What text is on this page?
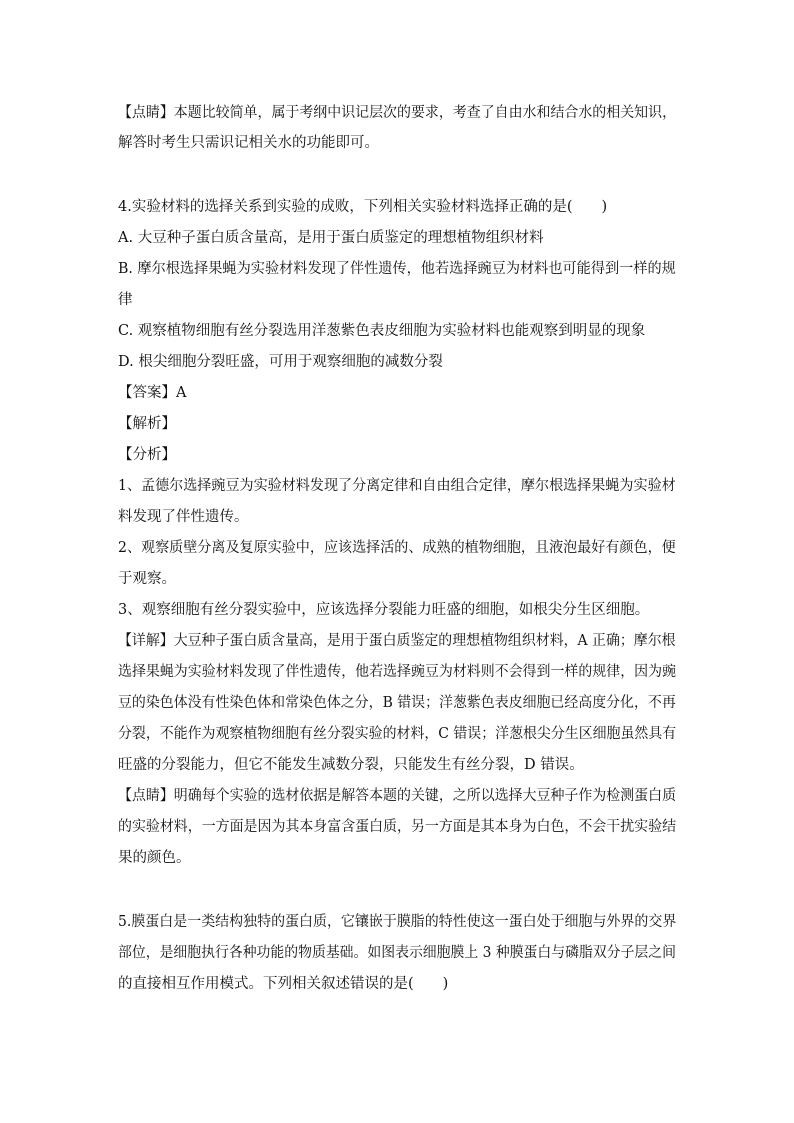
【点睛】本题比较简单，属于考纲中识记层次的要求，考查了自由水和结合水的相关知识，
解答时考生只需识记相关水的功能即可。
4.实验材料的选择关系到实验的成败，下列相关实验材料选择正确的是(　　)
A. 大豆种子蛋白质含量高，是用于蛋白质鉴定的理想植物组织材料
B. 摩尔根选择果蝇为实验材料发现了伴性遗传，他若选择豌豆为材料也可能得到一样的规
律
C. 观察植物细胞有丝分裂选用洋葱紫色表皮细胞为实验材料也能观察到明显的现象
D. 根尖细胞分裂旺盛，可用于观察细胞的减数分裂
【答案】A
【解析】
【分析】
1、孟德尔选择豌豆为实验材料发现了分离定律和自由组合定律，摩尔根选择果蝇为实验材
料发现了伴性遗传。
2、观察质壁分离及复原实验中，应该选择活的、成熟的植物细胞，且液泡最好有颜色，便
于观察。
3、观察细胞有丝分裂实验中，应该选择分裂能力旺盛的细胞，如根尖分生区细胞。
【详解】大豆种子蛋白质含量高，是用于蛋白质鉴定的理想植物组织材料，A 正确；摩尔根
选择果蝇为实验材料发现了伴性遗传，他若选择豌豆为材料则不会得到一样的规律，因为豌
豆的染色体没有性染色体和常染色体之分，B 错误；洋葱紫色表皮细胞已经高度分化，不再
分裂，不能作为观察植物细胞有丝分裂实验的材料，C 错误；洋葱根尖分生区细胞虽然具有
旺盛的分裂能力，但它不能发生减数分裂，只能发生有丝分裂，D 错误。
【点睛】明确每个实验的选材依据是解答本题的关键，之所以选择大豆种子作为检测蛋白质
的实验材料，一方面是因为其本身富含蛋白质，另一方面是其本身为白色，不会干扰实验结
果的颜色。
5.膜蛋白是一类结构独特的蛋白质，它镶嵌于膜脂的特性使这一蛋白处于细胞与外界的交界
部位，是细胞执行各种功能的物质基础。如图表示细胞膜上 3 种膜蛋白与磷脂双分子层之间
的直接相互作用模式。下列相关叙述错误的是(　　)
